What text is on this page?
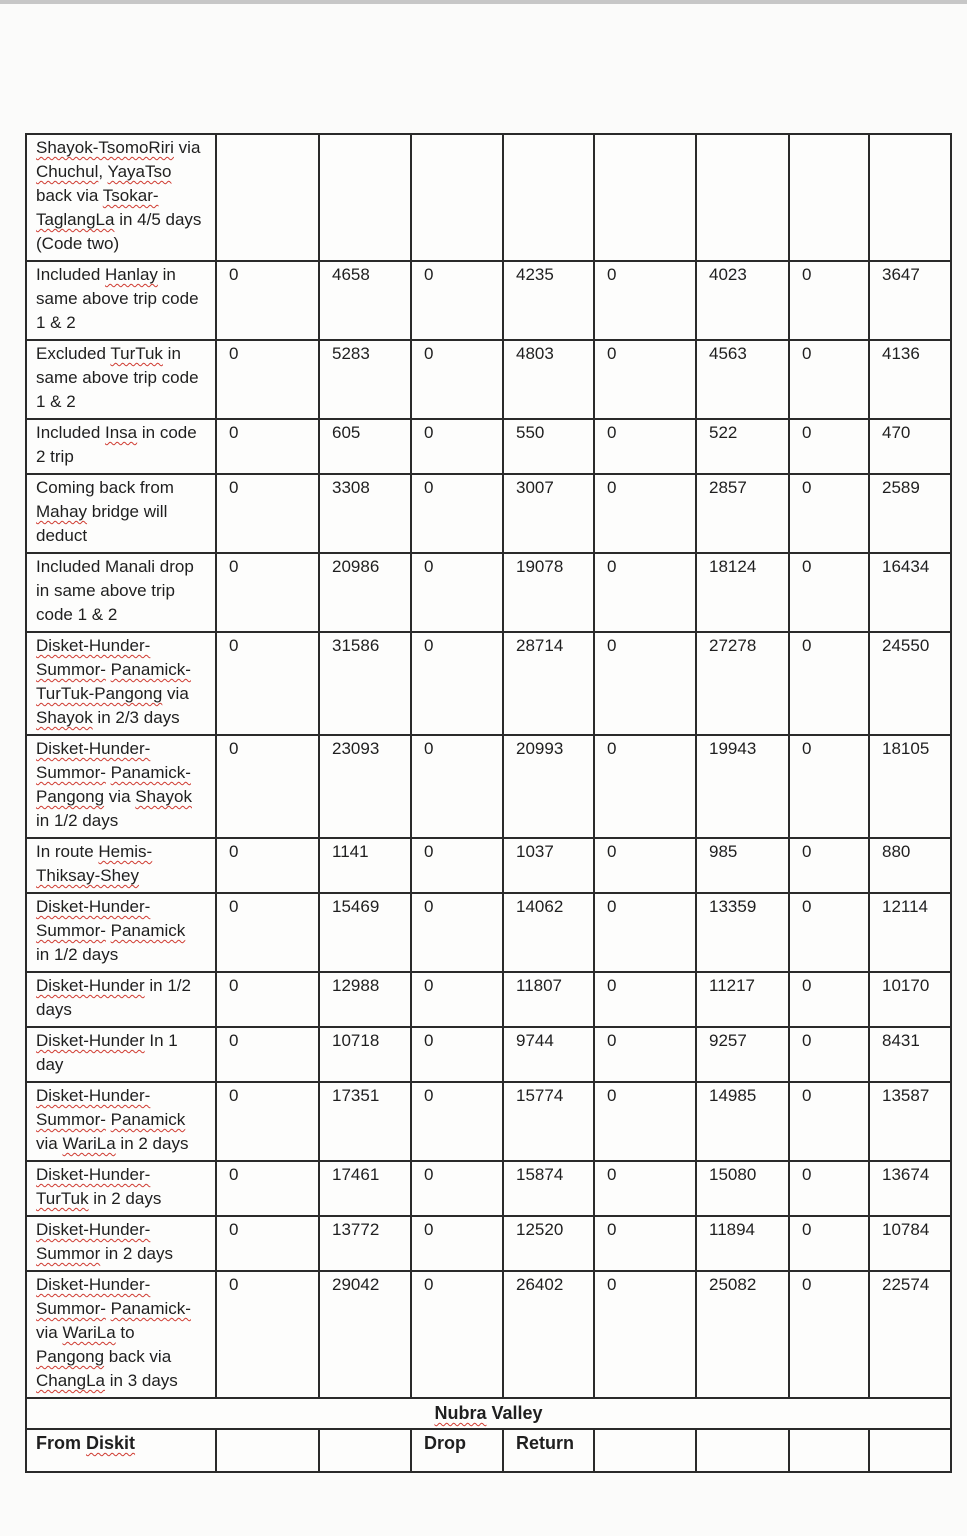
Shayok-TsomoRiri via Chuchul, YayaTso back via Tsokar-TaglangLa in 4/5 days (Code two)								
Included Hanlay in same above trip code 1 & 2	0	4658	0	4235	0	4023	0	3647
Excluded TurTuk in same above trip code 1 & 2	0	5283	0	4803	0	4563	0	4136
Included Insa in code 2 trip	0	605	0	550	0	522	0	470
Coming back from Mahay bridge will deduct	0	3308	0	3007	0	2857	0	2589
Included Manali drop in same above trip code 1 & 2	0	20986	0	19078	0	18124	0	16434
Disket-Hunder-Summor- Panamick-TurTuk-Pangong via Shayok in 2/3 days	0	31586	0	28714	0	27278	0	24550
Disket-Hunder-Summor- Panamick-Pangong via Shayok in 1/2 days	0	23093	0	20993	0	19943	0	18105
In route Hemis-Thiksay-Shey	0	1141	0	1037	0	985	0	880
Disket-Hunder-Summor- Panamick in 1/2 days	0	15469	0	14062	0	13359	0	12114
Disket-Hunder in 1/2 days	0	12988	0	11807	0	11217	0	10170
Disket-Hunder In 1 day	0	10718	0	9744	0	9257	0	8431
Disket-Hunder-Summor- Panamick via WariLa in 2 days	0	17351	0	15774	0	14985	0	13587
Disket-Hunder-TurTuk in 2 days	0	17461	0	15874	0	15080	0	13674
Disket-Hunder-Summor in 2 days	0	13772	0	12520	0	11894	0	10784
Disket-Hunder-Summor- Panamick- via WariLa to Pangong back via ChangLa in 3 days	0	29042	0	26402	0	25082	0	22574
Nubra Valley								
From Diskit			Drop	Return				
